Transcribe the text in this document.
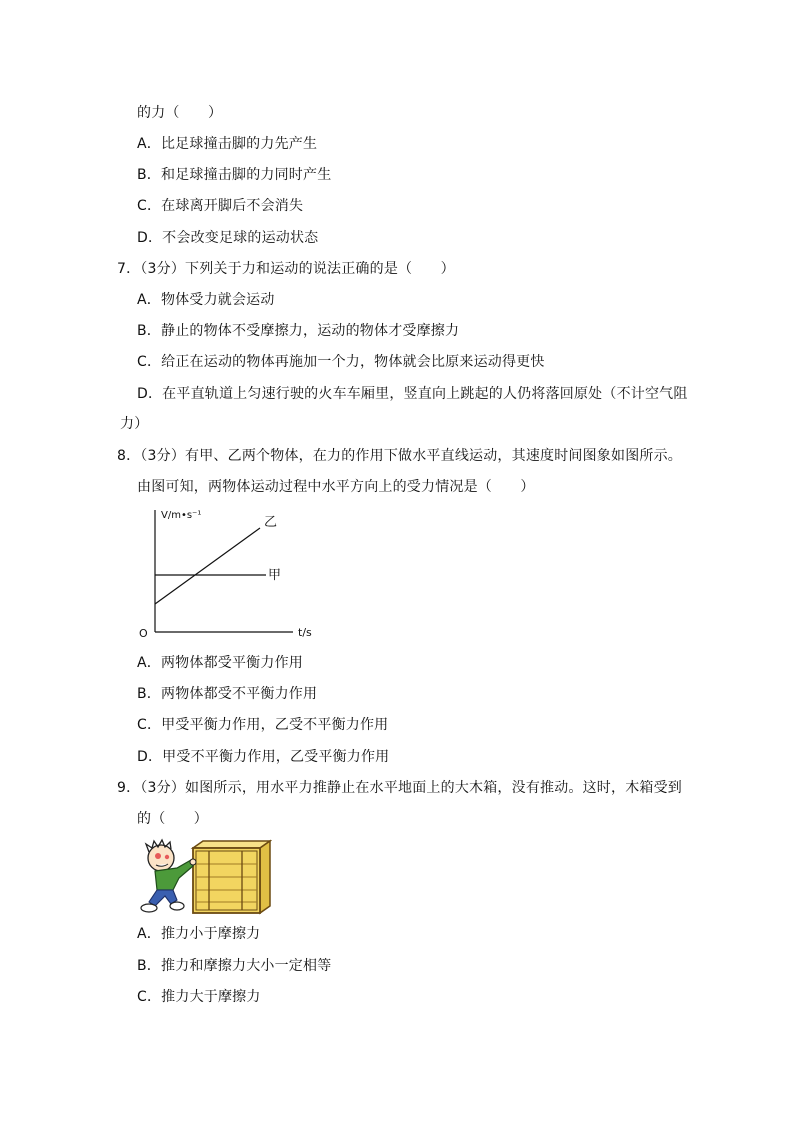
的力（　　）
A．比足球撞击脚的力先产生
B．和足球撞击脚的力同时产生
C．在球离开脚后不会消失
D．不会改变足球的运动状态
7．（3分）下列关于力和运动的说法正确的是（　　）
A．物体受力就会运动
B．静止的物体不受摩擦力，运动的物体才受摩擦力
C．给正在运动的物体再施加一个力，物体就会比原来运动得更快
D．在平直轨道上匀速行驶的火车车厢里，竖直向上跳起的人仍将落回原处（不计空气阻
力）
8．（3分）有甲、乙两个物体，在力的作用下做水平直线运动，其速度时间图象如图所示。
由图可知，两物体运动过程中水平方向上的受力情况是（　　）
V/m•s⁻¹
t/s
O
乙
甲
A．两物体都受平衡力作用
B．两物体都受不平衡力作用
C．甲受平衡力作用，乙受不平衡力作用
D．甲受不平衡力作用，乙受平衡力作用
9．（3分）如图所示，用水平力推静止在水平地面上的大木箱，没有推动。这时，木箱受到
的（　　）
A．推力小于摩擦力
B．推力和摩擦力大小一定相等
C．推力大于摩擦力
